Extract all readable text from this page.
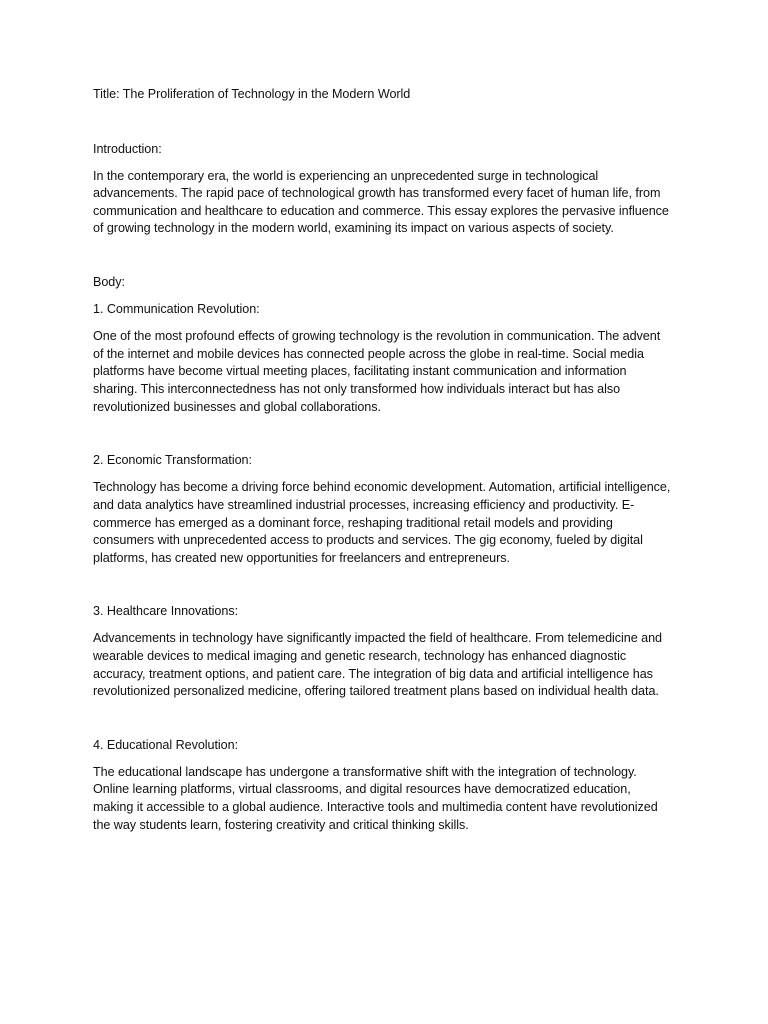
Title: The Proliferation of Technology in the Modern World

Introduction:

In the contemporary era, the world is experiencing an unprecedented surge in technological advancements. The rapid pace of technological growth has transformed every facet of human life, from communication and healthcare to education and commerce. This essay explores the pervasive influence of growing technology in the modern world, examining its impact on various aspects of society.

Body:

1. Communication Revolution:

One of the most profound effects of growing technology is the revolution in communication. The advent of the internet and mobile devices has connected people across the globe in real-time. Social media platforms have become virtual meeting places, facilitating instant communication and information sharing. This interconnectedness has not only transformed how individuals interact but has also revolutionized businesses and global collaborations.

2. Economic Transformation:

Technology has become a driving force behind economic development. Automation, artificial intelligence, and data analytics have streamlined industrial processes, increasing efficiency and productivity. E-commerce has emerged as a dominant force, reshaping traditional retail models and providing consumers with unprecedented access to products and services. The gig economy, fueled by digital platforms, has created new opportunities for freelancers and entrepreneurs.

3. Healthcare Innovations:

Advancements in technology have significantly impacted the field of healthcare. From telemedicine and wearable devices to medical imaging and genetic research, technology has enhanced diagnostic accuracy, treatment options, and patient care. The integration of big data and artificial intelligence has revolutionized personalized medicine, offering tailored treatment plans based on individual health data.

4. Educational Revolution:

The educational landscape has undergone a transformative shift with the integration of technology. Online learning platforms, virtual classrooms, and digital resources have democratized education, making it accessible to a global audience. Interactive tools and multimedia content have revolutionized the way students learn, fostering creativity and critical thinking skills.
